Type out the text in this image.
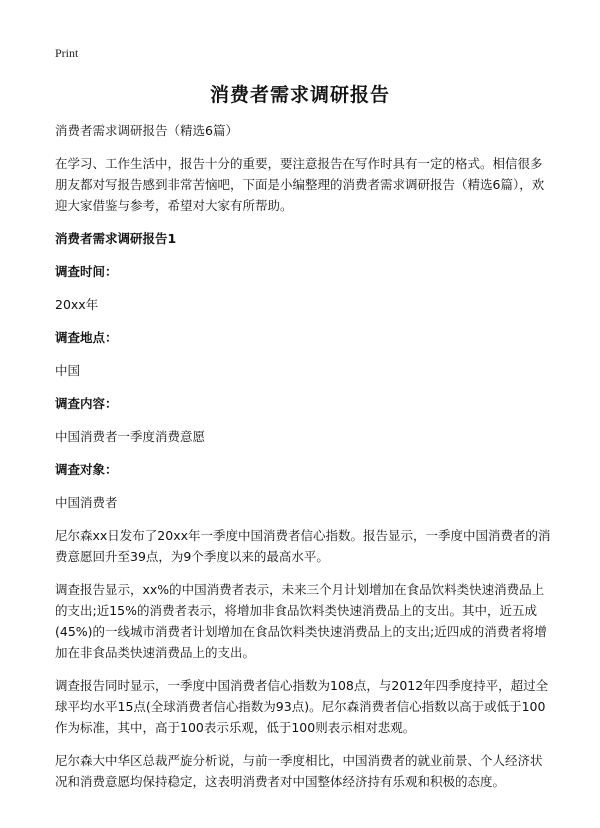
Print
消费者需求调研报告

消费者需求调研报告（精选6篇）

在学习、工作生活中，报告十分的重要，要注意报告在写作时具有一定的格式。相信很多朋友都对写报告感到非常苦恼吧，下面是小编整理的消费者需求调研报告（精选6篇），欢迎大家借鉴与参考，希望对大家有所帮助。

消费者需求调研报告1
调查时间：

20xx年

调查地点：

中国

调查内容：

中国消费者一季度消费意愿

调查对象：

中国消费者

尼尔森xx日发布了20xx年一季度中国消费者信心指数。报告显示，一季度中国消费者的消费意愿回升至39点，为9个季度以来的最高水平。

调查报告显示，xx%的中国消费者表示，未来三个月计划增加在食品饮料类快速消费品上的支出;近15%的消费者表示，将增加非食品饮料类快速消费品上的支出。其中，近五成(45%)的一线城市消费者计划增加在食品饮料类快速消费品上的支出;近四成的消费者将增加在非食品类快速消费品上的支出。

调查报告同时显示，一季度中国消费者信心指数为108点，与2012年四季度持平，超过全球平均水平15点(全球消费者信心指数为93点)。尼尔森消费者信心指数以高于或低于100作为标准，其中，高于100表示乐观，低于100则表示相对悲观。

尼尔森大中华区总裁严旋分析说，与前一季度相比，中国消费者的就业前景、个人经济状况和消费意愿均保持稳定，这表明消费者对中国整体经济持有乐观和积极的态度。
